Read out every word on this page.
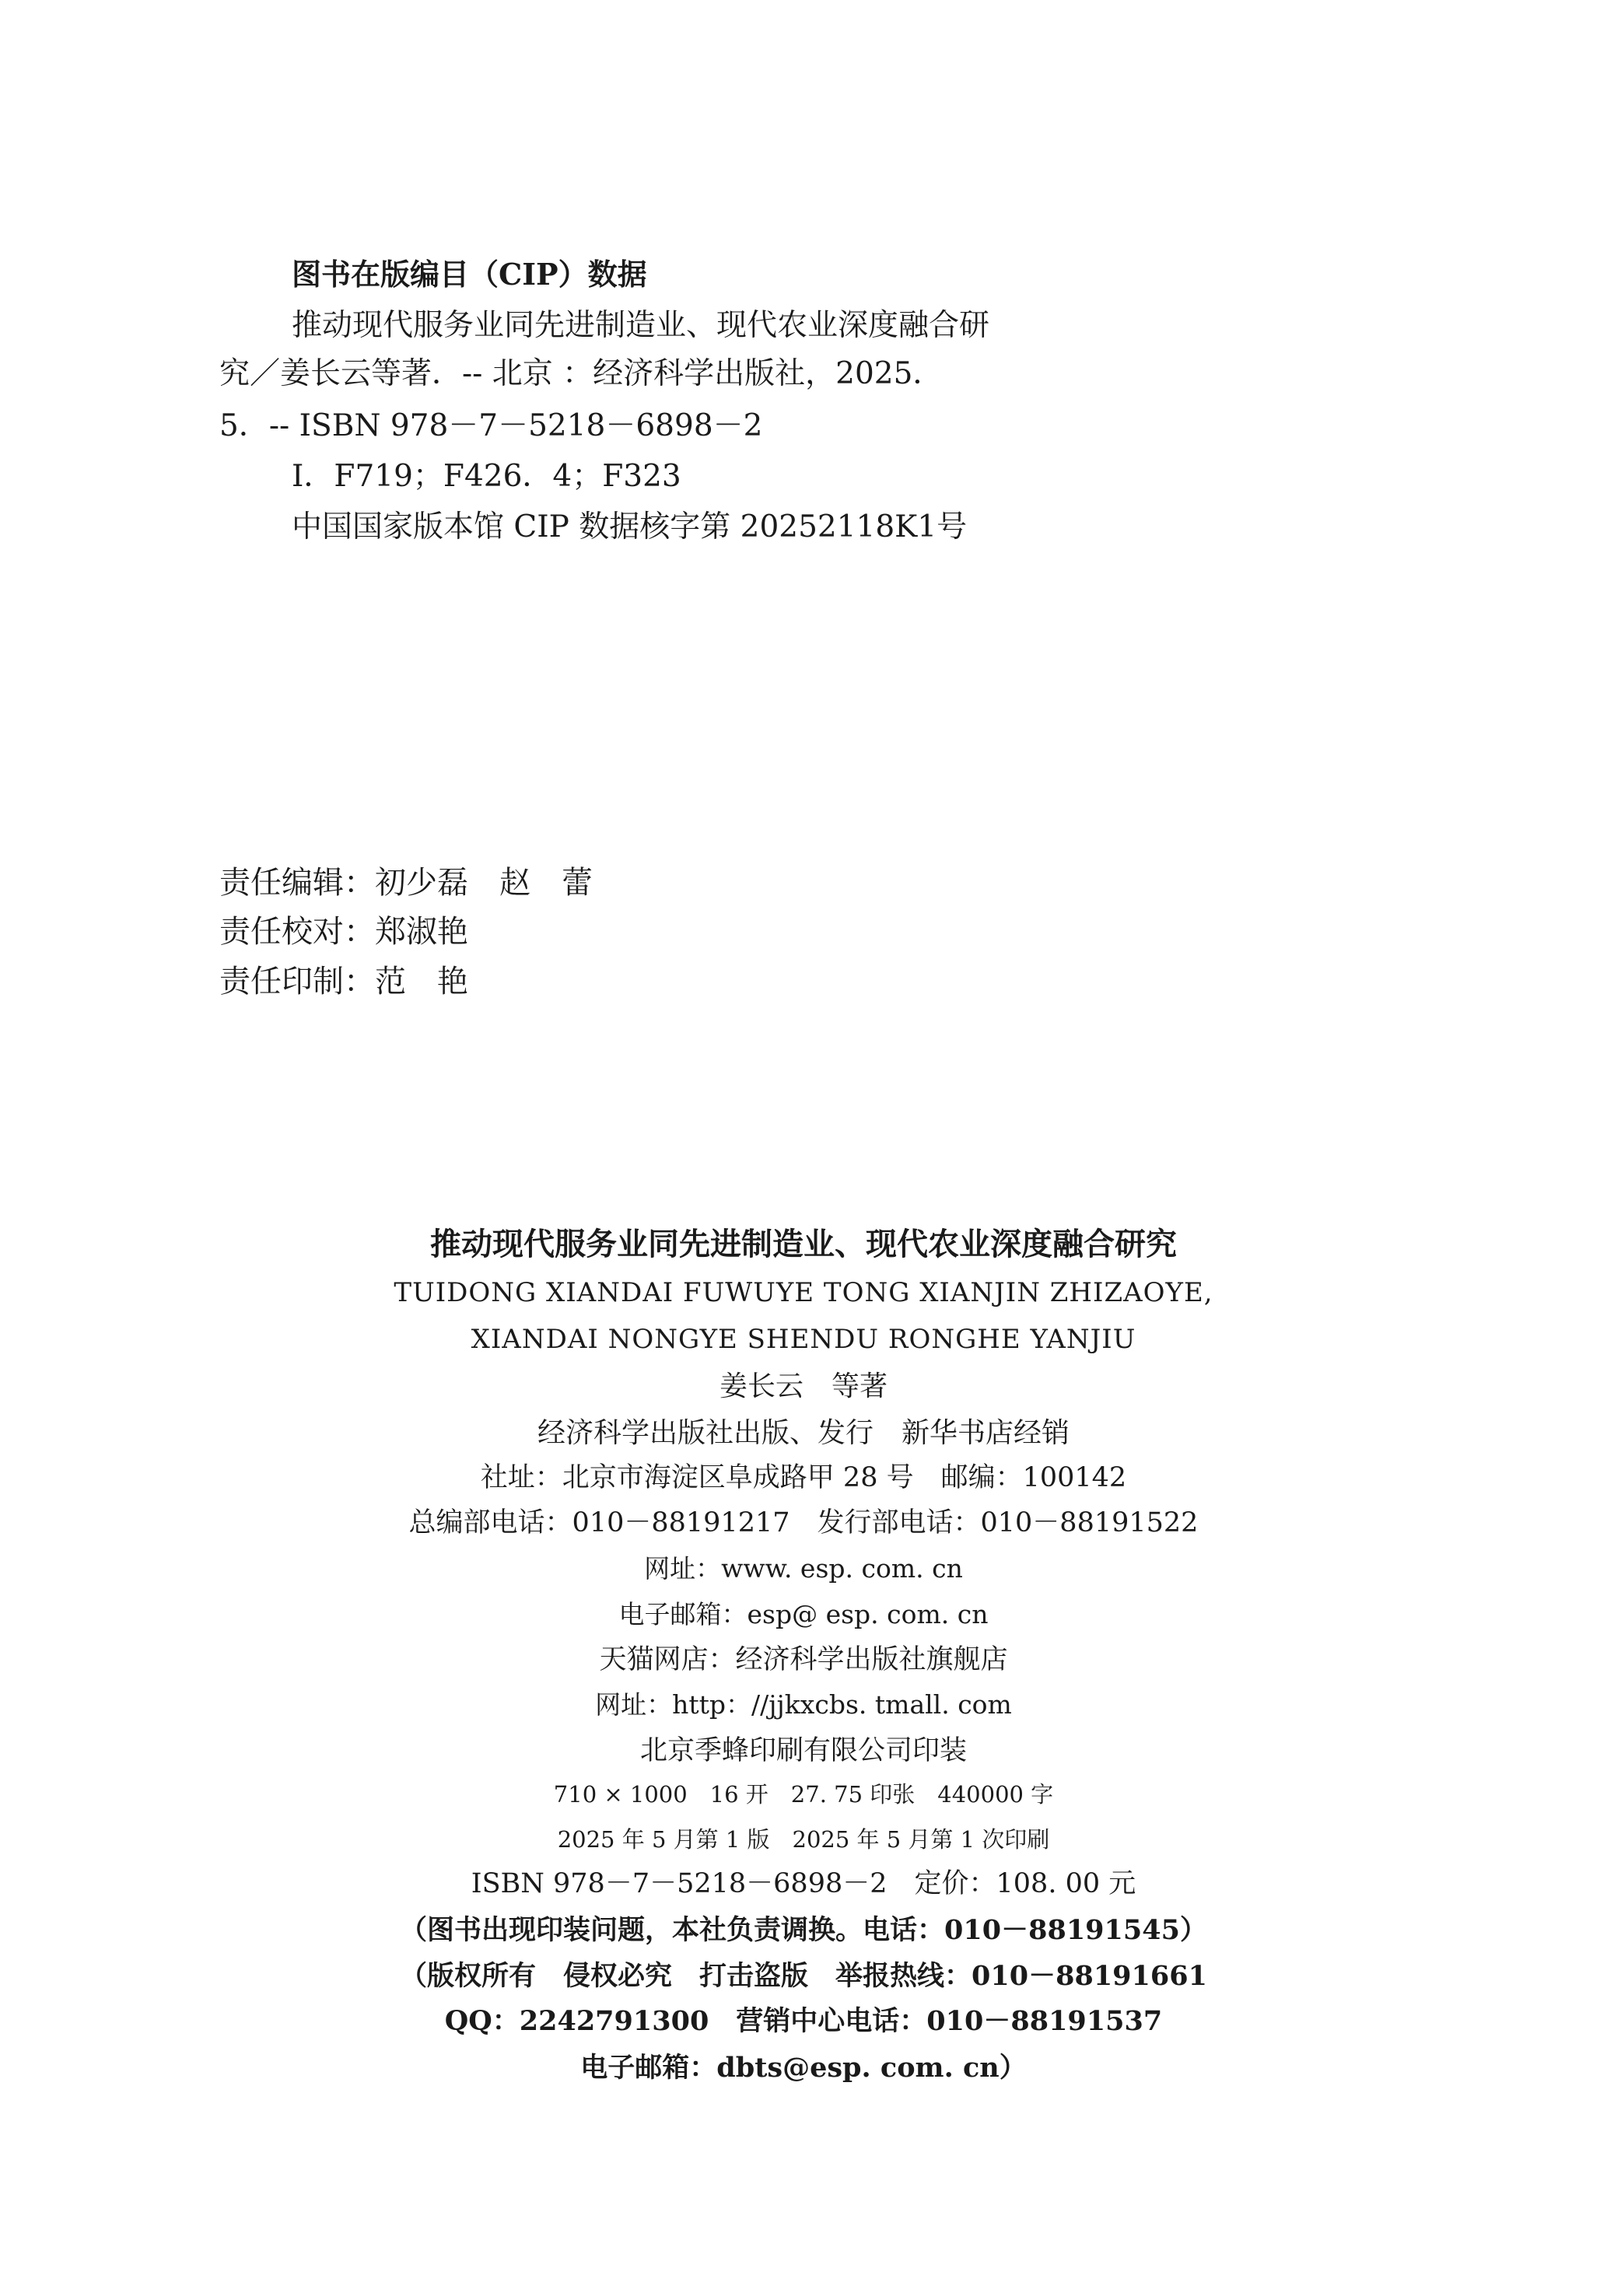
图书在版编目（CIP）数据
推动现代服务业同先进制造业、现代农业深度融合研
究／姜长云等著．-- 北京 ：经济科学出版社，2025．
5．-- ISBN 978－7－5218－6898－2
Ⅰ．F719；F426．4；F323
中国国家版本馆 CIP 数据核字第 20252118K1号
责任编辑：初少磊　赵　蕾
责任校对：郑淑艳
责任印制：范　艳
推动现代服务业同先进制造业、现代农业深度融合研究
TUIDONG XIANDAI FUWUYE TONG XIANJIN ZHIZAOYE,
XIANDAI NONGYE SHENDU RONGHE YANJIU
姜长云　等著
经济科学出版社出版、发行　新华书店经销
社址：北京市海淀区阜成路甲 28 号　邮编：100142
总编部电话：010－88191217　发行部电话：010－88191522
网址：www. esp. com. cn
电子邮箱：esp@ esp. com. cn
天猫网店：经济科学出版社旗舰店
网址：http：//jjkxcbs. tmall. com
北京季蜂印刷有限公司印装
710 × 1000　16 开　27. 75 印张　440000 字
2025 年 5 月第 1 版　2025 年 5 月第 1 次印刷
ISBN 978－7－5218－6898－2　定价：108. 00 元
（图书出现印装问题，本社负责调换。电话：010－88191545）
（版权所有　侵权必究　打击盗版　举报热线：010－88191661
QQ：2242791300　营销中心电话：010－88191537
电子邮箱：dbts@esp. com. cn）
